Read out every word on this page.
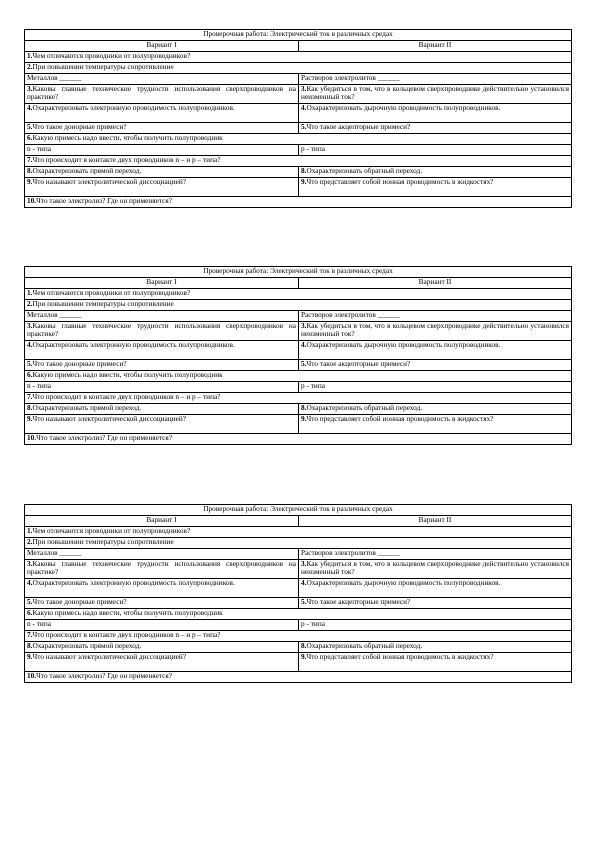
Проверочная работа: Электрический ток в различных средах	
Вариант I	Вариант II
1.Чем отличаются проводники от полупроводников?	
2.При повышении температуры сопротивление	
Металлов ______	Растворов электролитов ______
3.Каковы главные технические трудности использования сверхпроводников на практике?	3.Как убедиться в том, что в кольцевом сверхпроводнике действительно установился неизменный ток?
4.Охарактеризовать электронную проводимость полупроводников.	4.Охарактеризовать дырочную проводимость полупроводников.
5.Что такое донорные примеси?	5.Что такое акцепторные примеси?
6.Какую примесь надо ввести, чтобы получить полупроводник	
n - типа	p - типа
7.Что происходит в контакте двух проводников n – и p – типа?	
8.Охарактеризовать прямой переход.	8.Охарактеризовать обратный переход.
9.Что называют электролитической диссоциацией?	9.Что представляет собой ионная проводимость в жидкостях?
10.Что такое электролиз? Где он применяется?	
Проверочная работа: Электрический ток в различных средах	
Вариант I	Вариант II
1.Чем отличаются проводники от полупроводников?	
2.При повышении температуры сопротивление	
Металлов ______	Растворов электролитов ______
3.Каковы главные технические трудности использования сверхпроводников на практике?	3.Как убедиться в том, что в кольцевом сверхпроводнике действительно установился неизменный ток?
4.Охарактеризовать электронную проводимость полупроводников.	4.Охарактеризовать дырочную проводимость полупроводников.
5.Что такое донорные примеси?	5.Что такое акцепторные примеси?
6.Какую примесь надо ввести, чтобы получить полупроводник	
n - типа	p - типа
7.Что происходит в контакте двух проводников n – и p – типа?	
8.Охарактеризовать прямой переход.	8.Охарактеризовать обратный переход.
9.Что называют электролитической диссоциацией?	9.Что представляет собой ионная проводимость в жидкостях?
10.Что такое электролиз? Где он применяется?	
Проверочная работа: Электрический ток в различных средах	
Вариант I	Вариант II
1.Чем отличаются проводники от полупроводников?	
2.При повышении температуры сопротивление	
Металлов ______	Растворов электролитов ______
3.Каковы главные технические трудности использования сверхпроводников на практике?	3.Как убедиться в том, что в кольцевом сверхпроводнике действительно установился неизменный ток?
4.Охарактеризовать электронную проводимость полупроводников.	4.Охарактеризовать дырочную проводимость полупроводников.
5.Что такое донорные примеси?	5.Что такое акцепторные примеси?
6.Какую примесь надо ввести, чтобы получить полупроводник	
n - типа	p - типа
7.Что происходит в контакте двух проводников n – и p – типа?	
8.Охарактеризовать прямой переход.	8.Охарактеризовать обратный переход.
9.Что называют электролитической диссоциацией?	9.Что представляет собой ионная проводимость в жидкостях?
10.Что такое электролиз? Где он применяется?	
